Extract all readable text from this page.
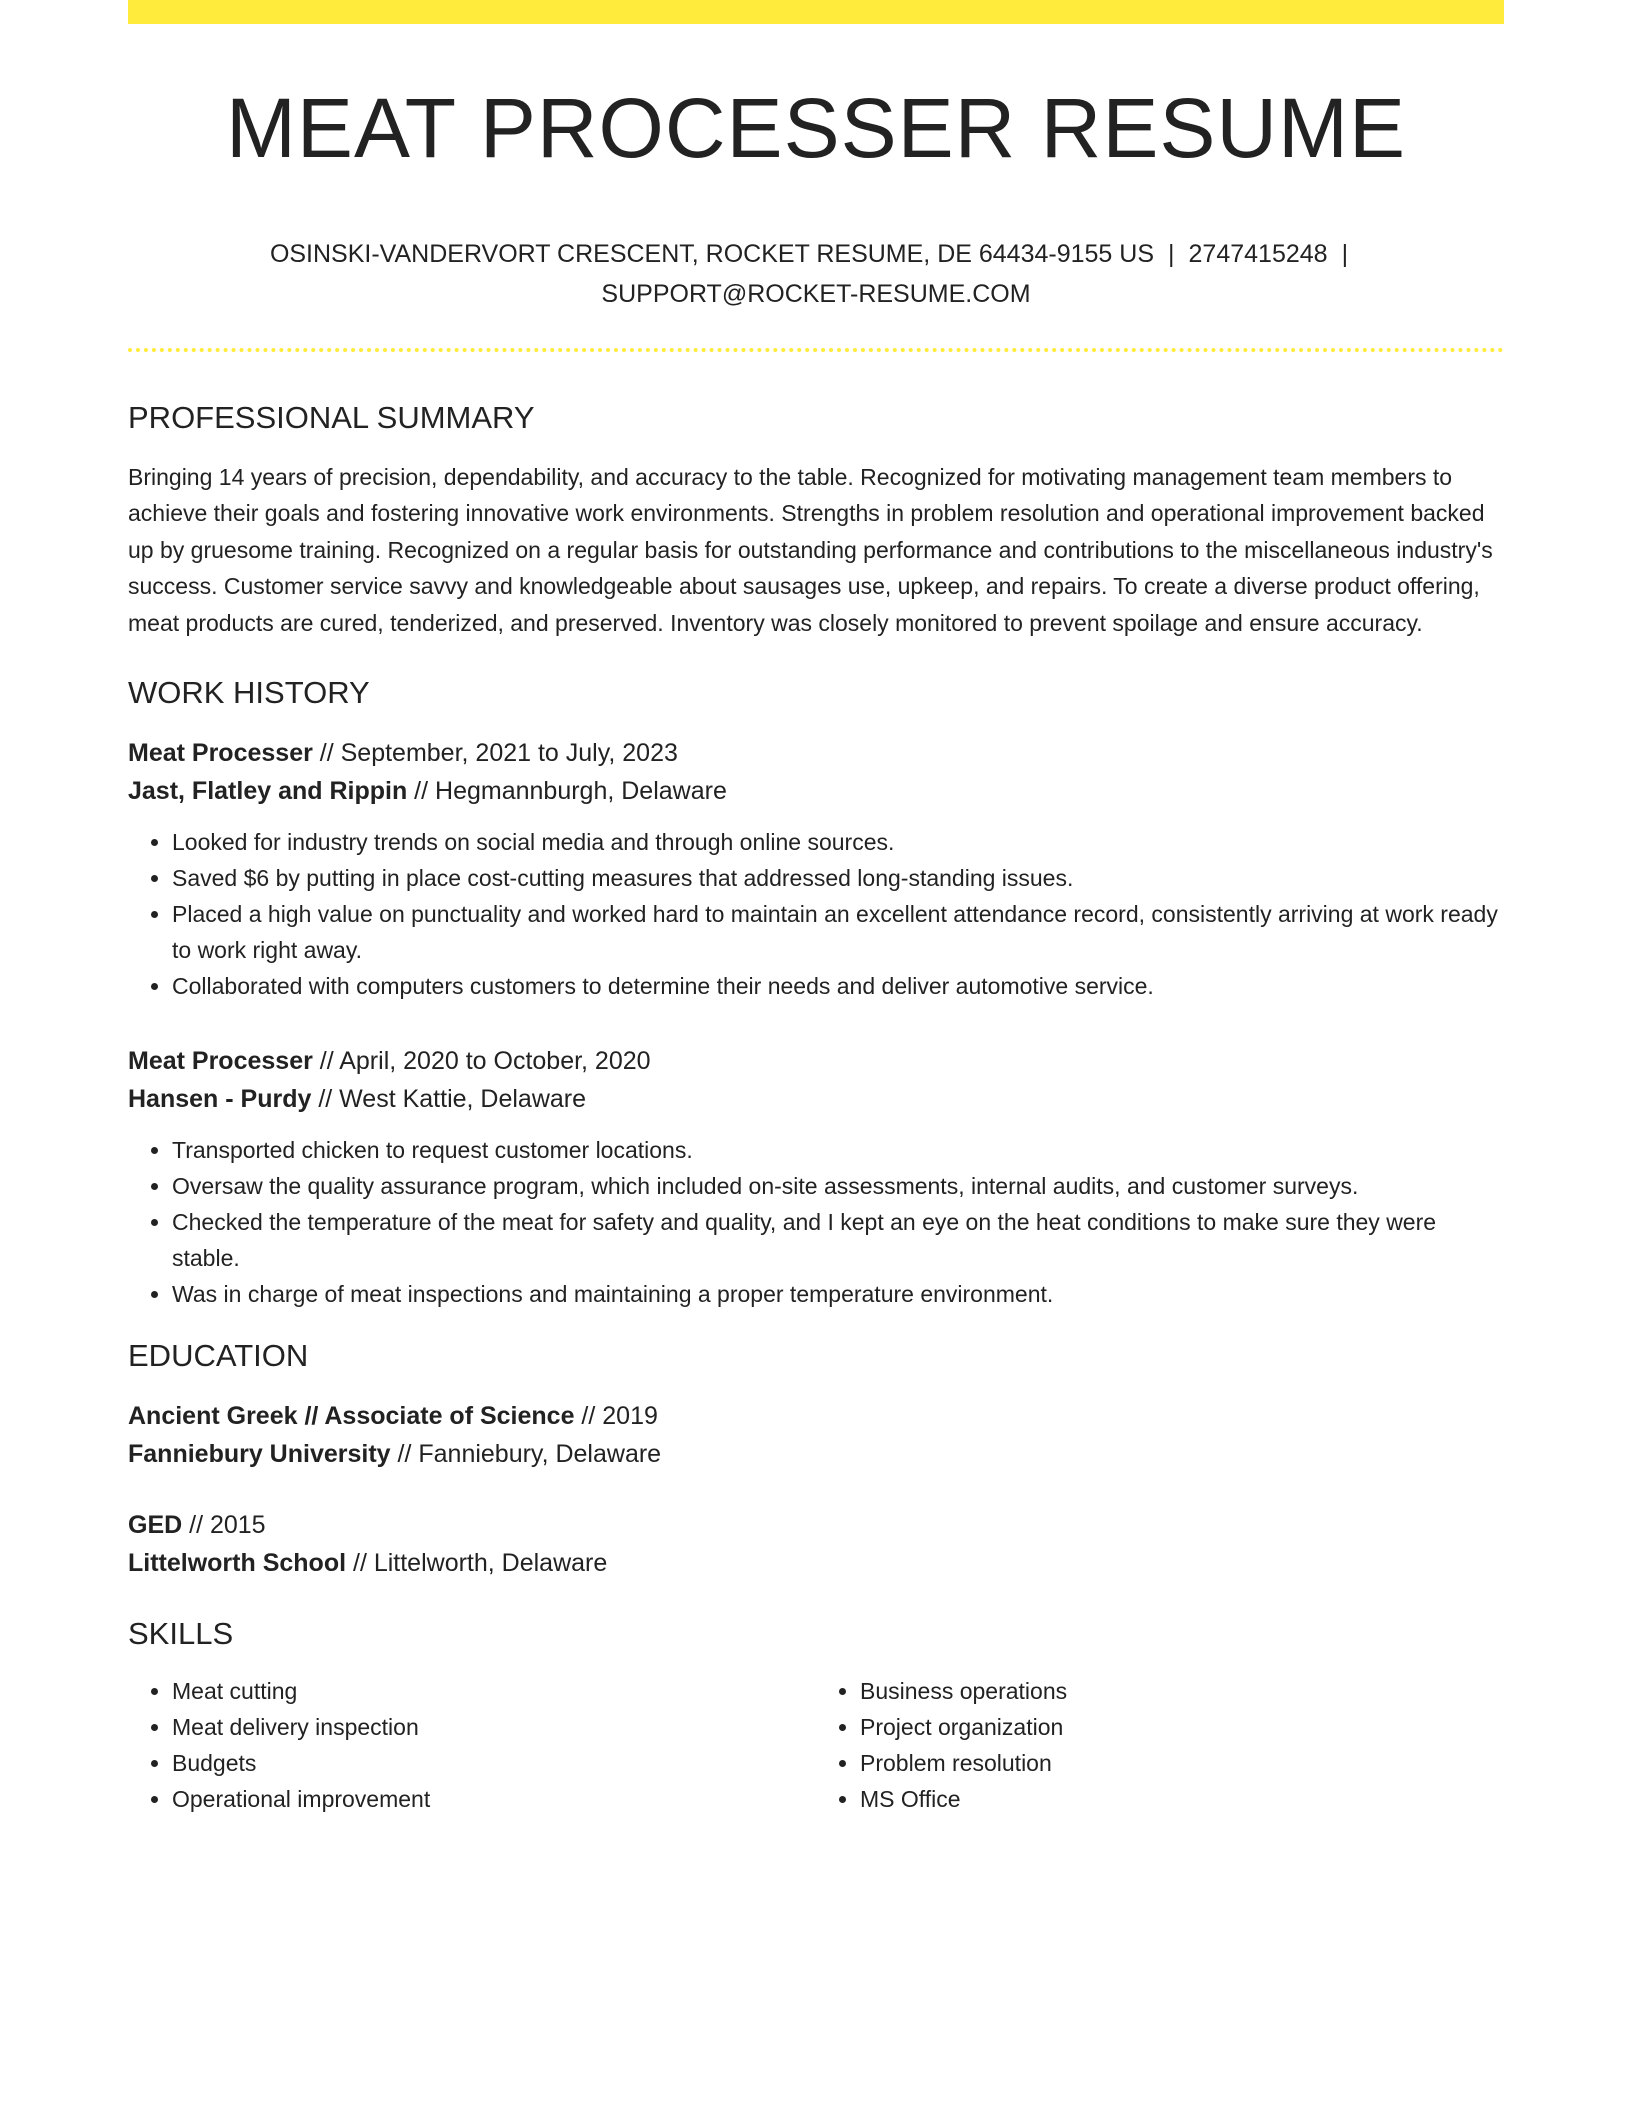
MEAT PROCESSER RESUME
OSINSKI-VANDERVORT CRESCENT, ROCKET RESUME, DE 64434-9155 US | 2747415248 |
SUPPORT@ROCKET-RESUME.COM
PROFESSIONAL SUMMARY
Bringing 14 years of precision, dependability, and accuracy to the table. Recognized for motivating management team members to achieve their goals and fostering innovative work environments. Strengths in problem resolution and operational improvement backed up by gruesome training. Recognized on a regular basis for outstanding performance and contributions to the miscellaneous industry's success. Customer service savvy and knowledgeable about sausages use, upkeep, and repairs. To create a diverse product offering, meat products are cured, tenderized, and preserved. Inventory was closely monitored to prevent spoilage and ensure accuracy.
WORK HISTORY
Meat Processer // September, 2021 to July, 2023
Jast, Flatley and Rippin // Hegmannburgh, Delaware
• Looked for industry trends on social media and through online sources.
• Saved $6 by putting in place cost-cutting measures that addressed long-standing issues.
• Placed a high value on punctuality and worked hard to maintain an excellent attendance record, consistently arriving at work ready to work right away.
• Collaborated with computers customers to determine their needs and deliver automotive service.
Meat Processer // April, 2020 to October, 2020
Hansen - Purdy // West Kattie, Delaware
• Transported chicken to request customer locations.
• Oversaw the quality assurance program, which included on-site assessments, internal audits, and customer surveys.
• Checked the temperature of the meat for safety and quality, and I kept an eye on the heat conditions to make sure they were stable.
• Was in charge of meat inspections and maintaining a proper temperature environment.
EDUCATION
Ancient Greek // Associate of Science // 2019
Fanniebury University // Fanniebury, Delaware
GED // 2015
Littelworth School // Littelworth, Delaware
SKILLS
• Meat cutting
• Meat delivery inspection
• Budgets
• Operational improvement
• Business operations
• Project organization
• Problem resolution
• MS Office
